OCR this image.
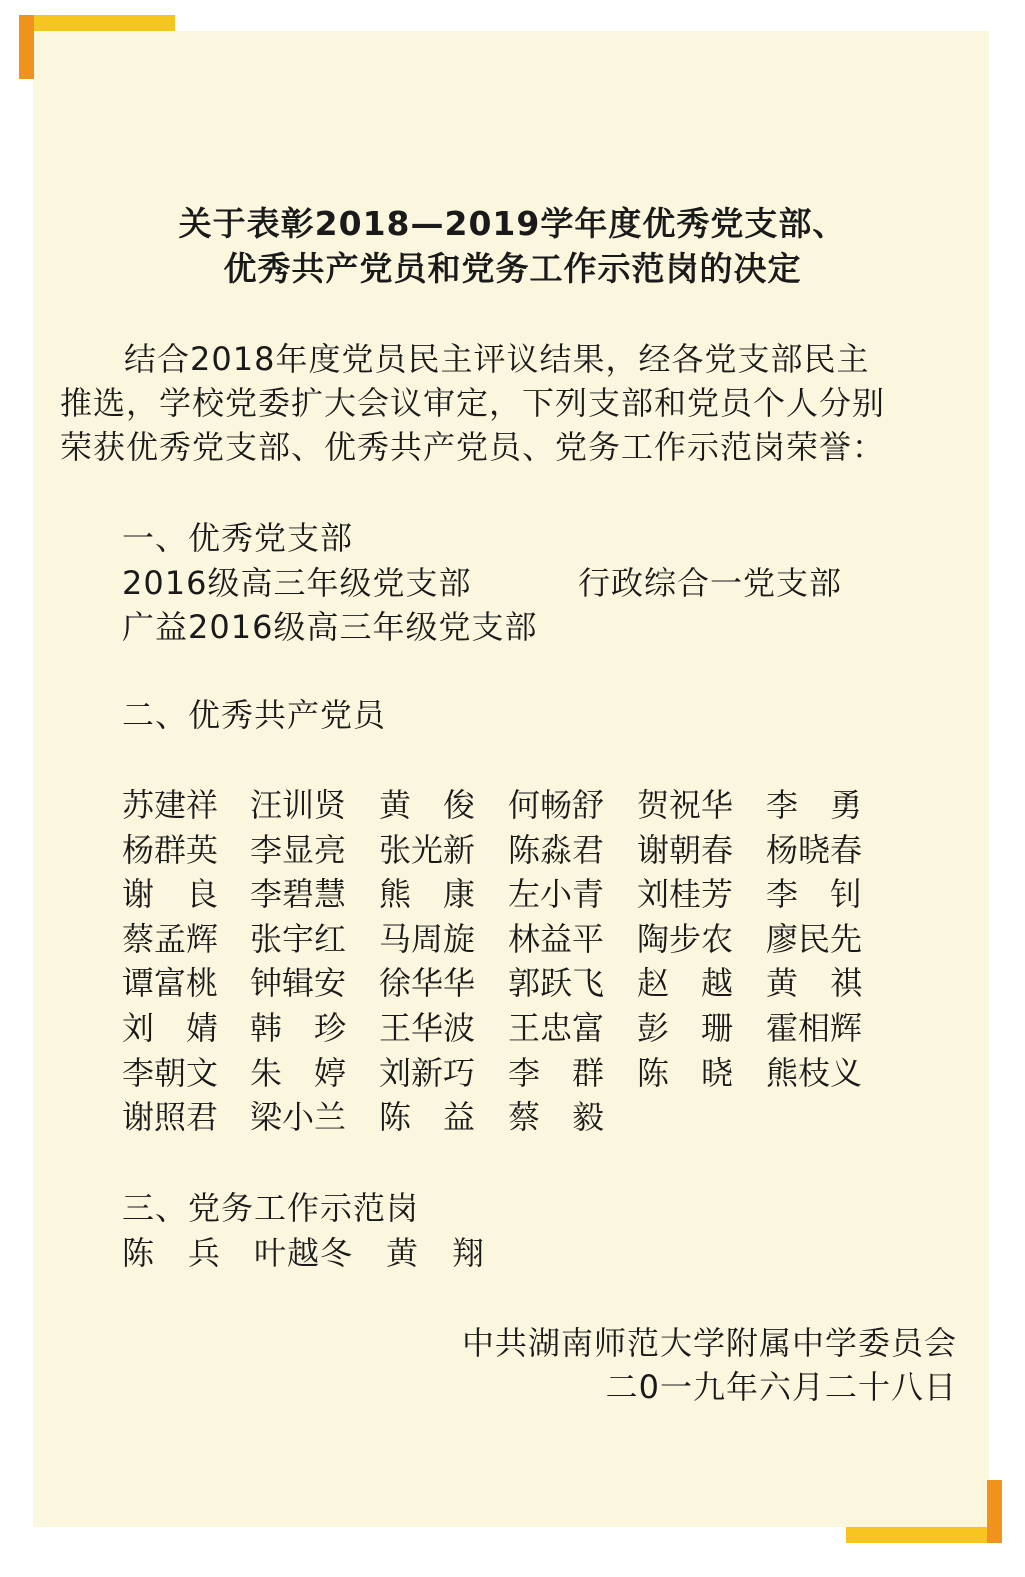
关于表彰2018—2019学年度优秀党支部、
优秀共产党员和党务工作示范岗的决定
结合2018年度党员民主评议结果，经各党支部民主
推选，学校党委扩大会议审定，下列支部和党员个人分别
荣获优秀党支部、优秀共产党员、党务工作示范岗荣誉：
一、优秀党支部
2016级高三年级党支部	行政综合一党支部
广益2016级高三年级党支部
二、优秀共产党员
苏建祥 汪训贤 黄　俊 何畅舒 贺祝华 李　勇
杨群英 李显亮 张光新 陈淼君 谢朝春 杨晓春
谢　良 李碧慧 熊　康 左小青 刘桂芳 李　钊
蔡孟辉 张宇红 马周旋 林益平 陶步农 廖民先
谭富桃 钟辑安 徐华华 郭跃飞 赵　越 黄　祺
刘　婧 韩　珍 王华波 王忠富 彭　珊 霍相辉
李朝文 朱　婷 刘新巧 李　群 陈　晓 熊枝义
谢照君 梁小兰 陈　益 蔡　毅
三、党务工作示范岗
陈　兵　叶越冬　黄　翔
中共湖南师范大学附属中学委员会
二0一九年六月二十八日
